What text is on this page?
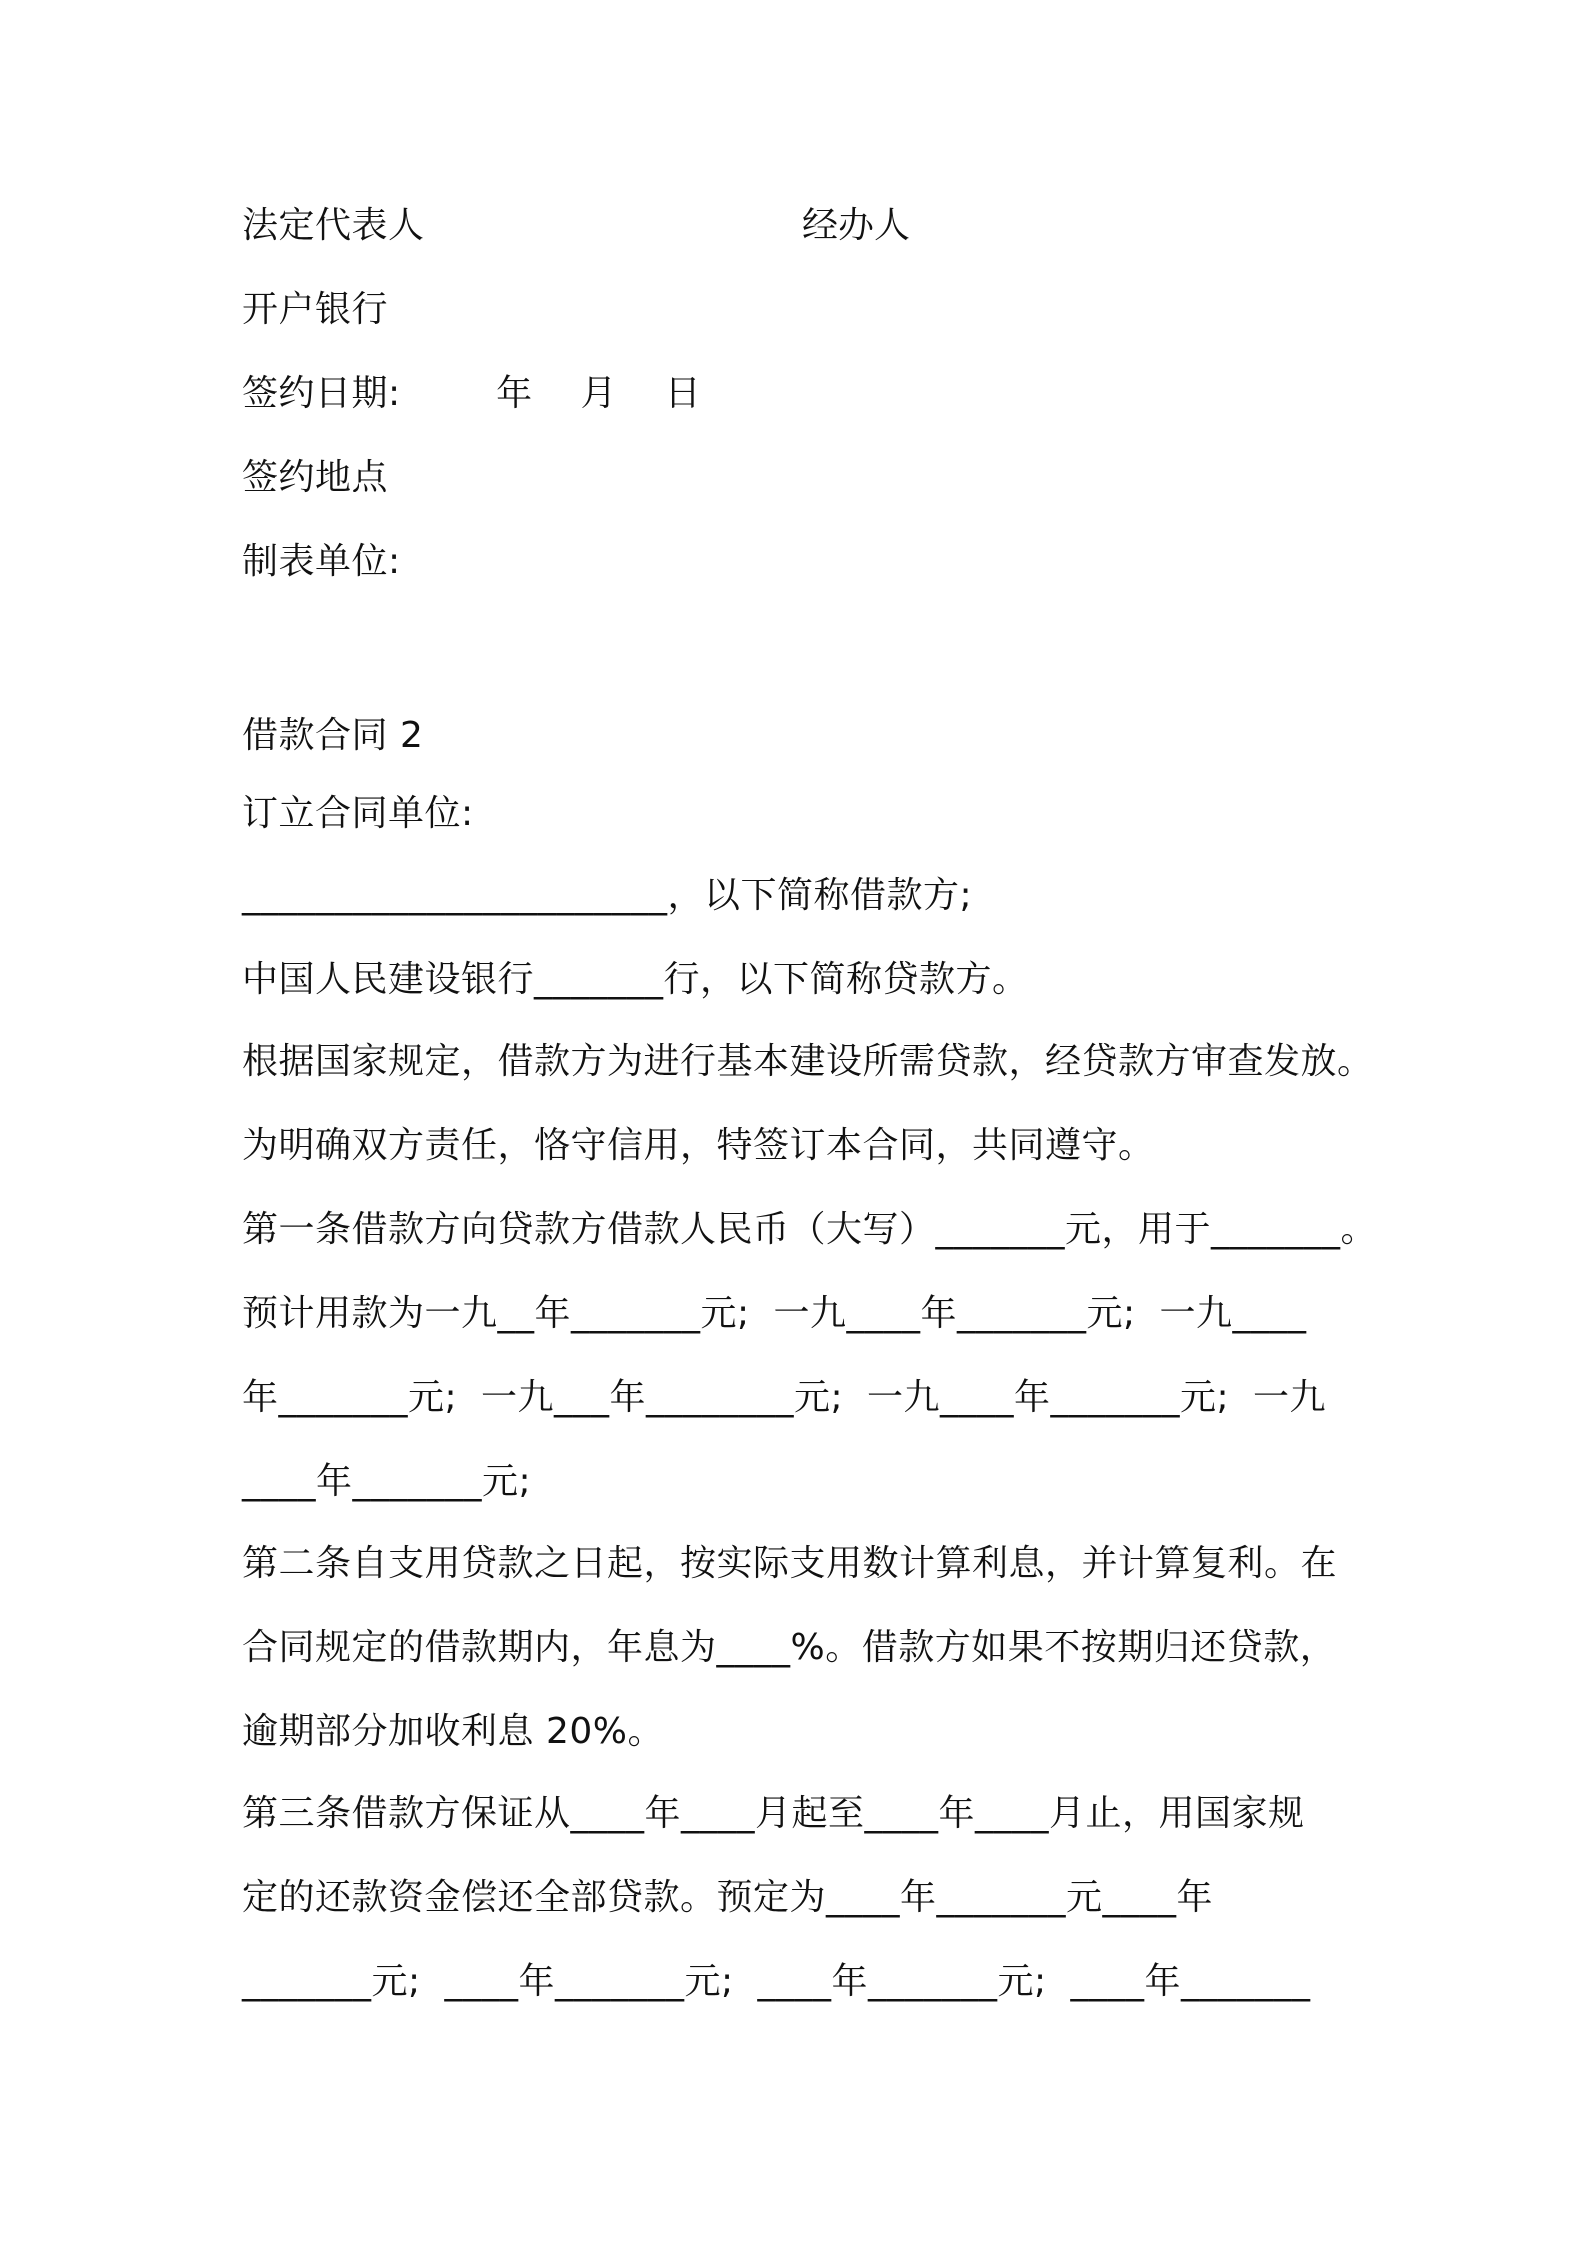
法定代表人	经办人
开户银行
签约日期:        年    月    日
签约地点
制表单位:
借款合同 2
订立合同单位:
_______________________，以下简称借款方;
中国人民建设银行_______行，以下简称贷款方。
根据国家规定，借款方为进行基本建设所需贷款，经贷款方审查发放。
为明确双方责任，恪守信用，特签订本合同，共同遵守。
第一条借款方向贷款方借款人民币（大写）_______元，用于_______。
预计用款为一九__年_______元;  一九____年_______元;  一九____
年_______元;  一九___年________元;  一九____年_______元;  一九
____年_______元;
第二条自支用贷款之日起，按实际支用数计算利息，并计算复利。在
合同规定的借款期内，年息为____%。借款方如果不按期归还贷款，
逾期部分加收利息 20%。
第三条借款方保证从____年____月起至____年____月止，用国家规
定的还款资金偿还全部贷款。预定为____年_______元____年
_______元;  ____年_______元;  ____年_______元;  ____年_______
